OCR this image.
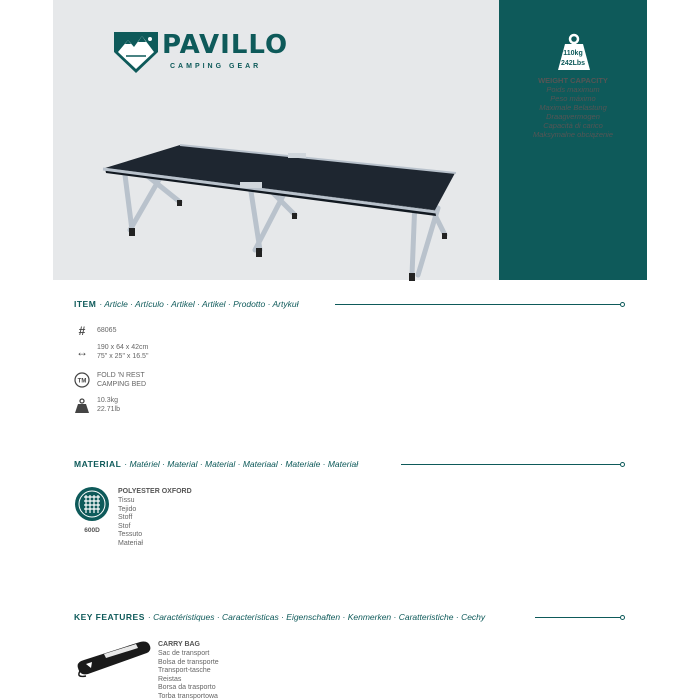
PAVILLO
CAMPING GEAR
110kg
242Lbs
WEIGHT CAPACITY
Poids maximum
Peso máximo
Maximale Belastung
Draagvermogen
Capacità di carico
Maksymalne obciążenie
ITEM · Article · Artículo · Artikel · Artikel · Prodotto · Artykuł
#	68065
↔ 190 x 64 x 42cm
75" x 25" x 16.5"
TM
FOLD 'N REST
CAMPING BED
10.3kg
22.71lb
MATERIAL · Matériel · Material · Material · Materiaal · Materiale · Materiał
600D
POLYESTER OXFORD
Tissu
Tejido
Stoff
Stof
Tessuto
Materiał
KEY FEATURES · Caractéristiques · Características · Eigenschaften · Kenmerken · Caratteristiche · Cechy
CARRY BAG
Sac de transport
Bolsa de transporte
Transport-tasche
Reistas
Borsa da trasporto
Torba transportowa
